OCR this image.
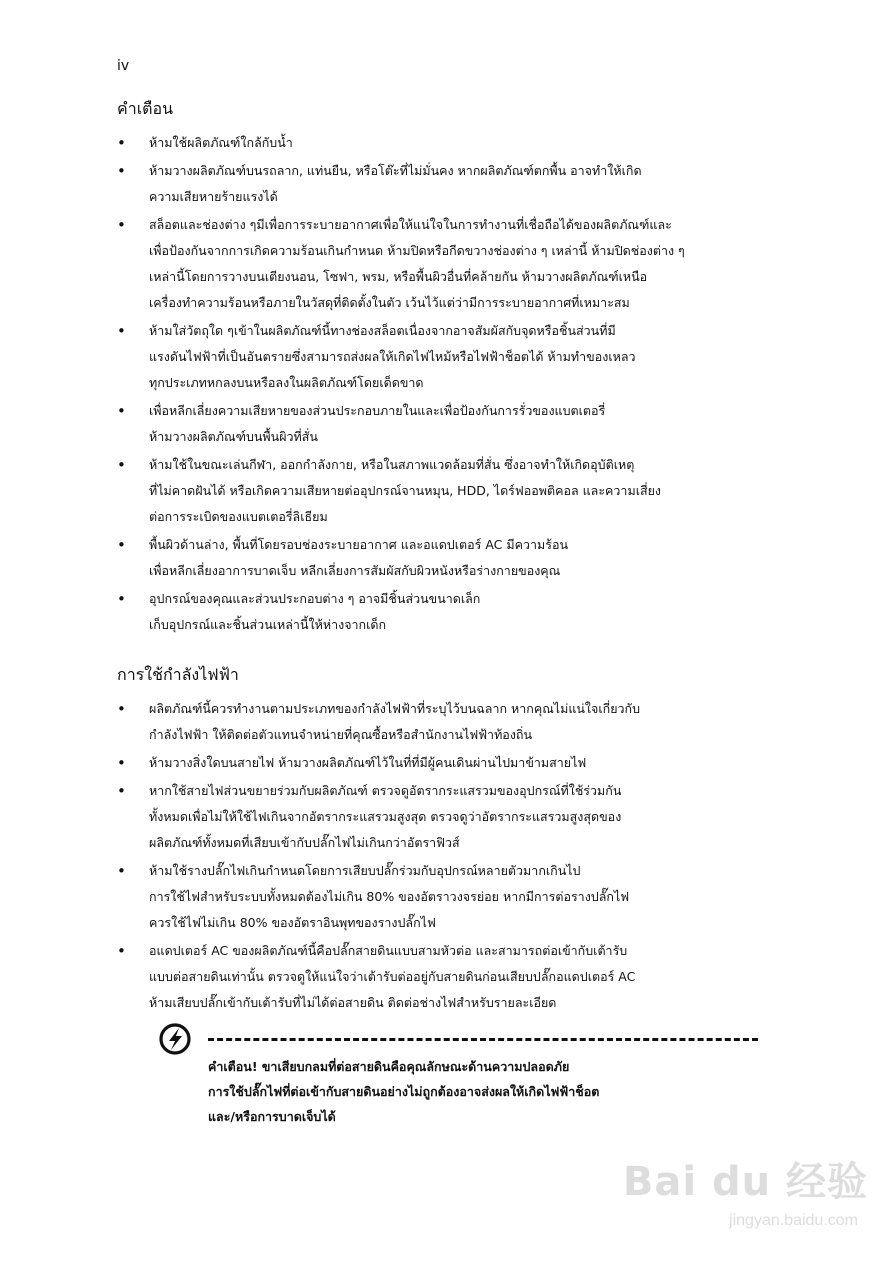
iv
คำเตือน
• ห้ามใช้ผลิตภัณฑ์ใกล้กับน้ำ
• ห้ามวางผลิตภัณฑ์บนรถลาก, แท่นยืน, หรือโต๊ะที่ไม่มั่นคง หากผลิตภัณฑ์ตกพื้น อาจทำให้เกิด
ความเสียหายร้ายแรงได้
• สล็อตและช่องต่าง ๆมีเพื่อการระบายอากาศเพื่อให้แน่ใจในการทำงานที่เชื่อถือได้ของผลิตภัณฑ์และ
เพื่อป้องกันจากการเกิดความร้อนเกินกำหนด ห้ามปิดหรือกีดขวางช่องต่าง ๆ เหล่านี้ ห้ามปิดช่องต่าง ๆ
เหล่านี้โดยการวางบนเตียงนอน, โซฟา, พรม, หรือพื้นผิวอื่นที่คล้ายกัน ห้ามวางผลิตภัณฑ์เหนือ
เครื่องทำความร้อนหรือภายในวัสดุที่ติดตั้งในตัว เว้นไว้แต่ว่ามีการระบายอากาศที่เหมาะสม
• ห้ามใส่วัตถุใด ๆเข้าในผลิตภัณฑ์นี้ทางช่องสล็อตเนื่องจากอาจสัมผัสกับจุดหรือชิ้นส่วนที่มี
แรงดันไฟฟ้าที่เป็นอันตรายซึ่งสามารถส่งผลให้เกิดไฟไหม้หรือไฟฟ้าช็อตได้ ห้ามทำของเหลว
ทุกประเภทหกลงบนหรือลงในผลิตภัณฑ์โดยเด็ดขาด
• เพื่อหลีกเลี่ยงความเสียหายของส่วนประกอบภายในและเพื่อป้องกันการรั่วของแบตเตอรี่
ห้ามวางผลิตภัณฑ์บนพื้นผิวที่สั่น
• ห้ามใช้ในขณะเล่นกีฬา, ออกกำลังกาย, หรือในสภาพแวดล้อมที่สั่น ซึ่งอาจทำให้เกิดอุบัติเหตุ
ที่ไม่คาดฝันได้ หรือเกิดความเสียหายต่ออุปกรณ์จานหมุน, HDD, ไดร์ฟออพติคอล และความเสี่ยง
ต่อการระเบิดของแบตเตอรี่ลิเธียม
• พื้นผิวด้านล่าง, พื้นที่โดยรอบช่องระบายอากาศ และอแดปเตอร์ AC มีความร้อน
เพื่อหลีกเลี่ยงอาการบาดเจ็บ หลีกเลี่ยงการสัมผัสกับผิวหนังหรือร่างกายของคุณ
• อุปกรณ์ของคุณและส่วนประกอบต่าง ๆ อาจมีชิ้นส่วนขนาดเล็ก
เก็บอุปกรณ์และชิ้นส่วนเหล่านี้ให้ห่างจากเด็ก
การใช้กำลังไฟฟ้า
• ผลิตภัณฑ์นี้ควรทำงานตามประเภทของกำลังไฟฟ้าที่ระบุไว้บนฉลาก หากคุณไม่แน่ใจเกี่ยวกับ
กำลังไฟฟ้า ให้ติดต่อตัวแทนจำหน่ายที่คุณซื้อหรือสำนักงานไฟฟ้าท้องถิ่น
• ห้ามวางสิ่งใดบนสายไฟ ห้ามวางผลิตภัณฑ์ไว้ในที่ที่มีผู้คนเดินผ่านไปมาข้ามสายไฟ
• หากใช้สายไฟส่วนขยายร่วมกับผลิตภัณฑ์ ตรวจดูอัตรากระแสรวมของอุปกรณ์ที่ใช้ร่วมกัน
ทั้งหมดเพื่อไม่ให้ใช้ไฟเกินจากอัตรากระแสรวมสูงสุด ตรวจดูว่าอัตรากระแสรวมสูงสุดของ
ผลิตภัณฑ์ทั้งหมดที่เสียบเข้ากับปลั๊กไฟไม่เกินกว่าอัตราฟิวส์
• ห้ามใช้รางปลั๊กไฟเกินกำหนดโดยการเสียบปลั๊กร่วมกับอุปกรณ์หลายตัวมากเกินไป
การใช้ไฟสำหรับระบบทั้งหมดต้องไม่เกิน 80% ของอัตราวงจรย่อย หากมีการต่อรางปลั๊กไฟ
ควรใช้ไฟไม่เกิน 80% ของอัตราอินพุทของรางปลั๊กไฟ
• อแดปเตอร์ AC ของผลิตภัณฑ์นี้คือปลั๊กสายดินแบบสามหัวต่อ และสามารถต่อเข้ากับเต้ารับ
แบบต่อสายดินเท่านั้น ตรวจดูให้แน่ใจว่าเต้ารับต่ออยู่กับสายดินก่อนเสียบปลั๊กอแดปเตอร์ AC
ห้ามเสียบปลั๊กเข้ากับเต้ารับที่ไม่ได้ต่อสายดิน ติดต่อช่างไฟสำหรับรายละเอียด
คำเตือน! ขาเสียบกลมที่ต่อสายดินคือคุณลักษณะด้านความปลอดภัย
การใช้ปลั๊กไฟที่ต่อเข้ากับสายดินอย่างไม่ถูกต้องอาจส่งผลให้เกิดไฟฟ้าช็อต
และ/หรือการบาดเจ็บได้
Bai du 经验
jingyan.baidu.com
